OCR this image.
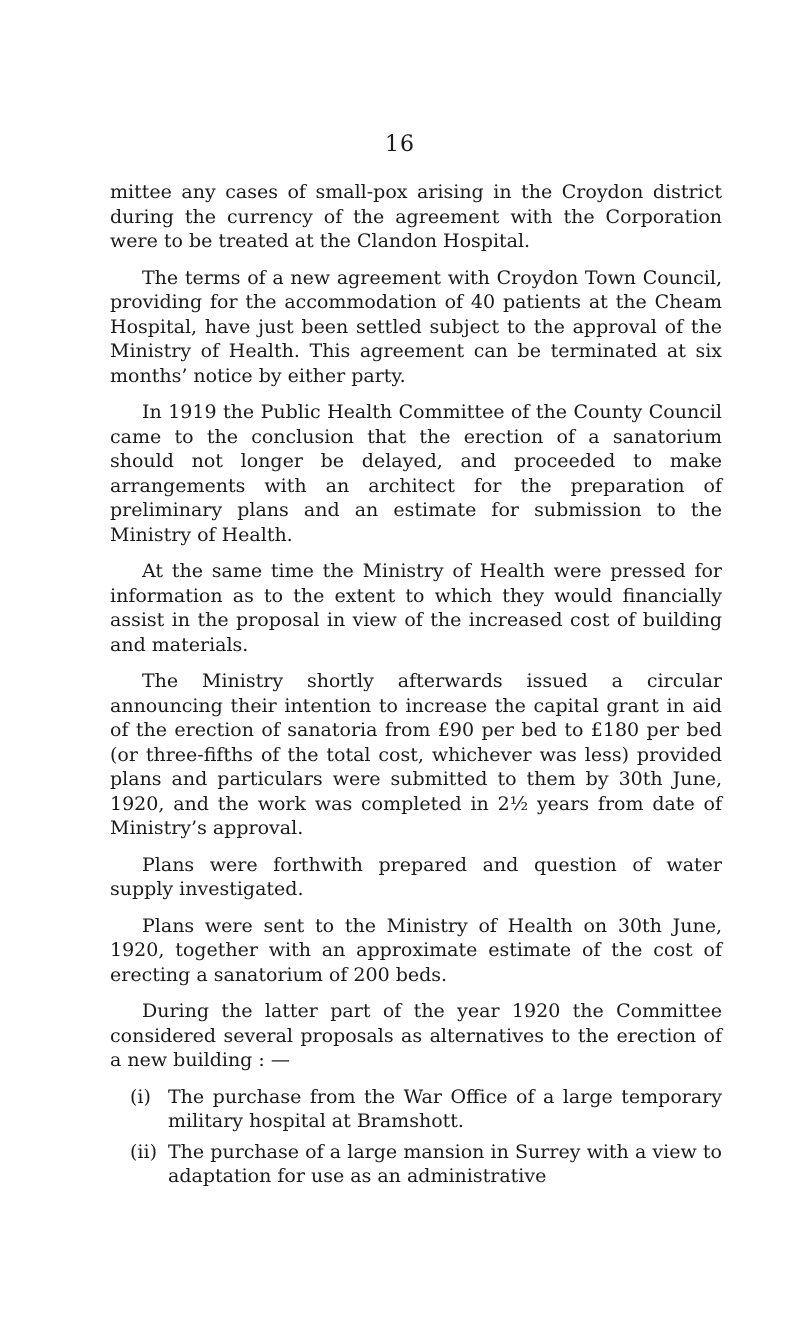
16

mittee any cases of small-pox arising in the Croydon district during the currency of the agreement with the Corporation were to be treated at the Clandon Hospital.

The terms of a new agreement with Croydon Town Council, providing for the accommodation of 40 patients at the Cheam Hospital, have just been settled subject to the approval of the Ministry of Health. This agreement can be terminated at six months’ notice by either party.

In 1919 the Public Health Committee of the County Council came to the conclusion that the erection of a sanatorium should not longer be delayed, and proceeded to make arrangements with an architect for the preparation of preliminary plans and an estimate for submission to the Ministry of Health.

At the same time the Ministry of Health were pressed for information as to the extent to which they would financially assist in the proposal in view of the increased cost of building and materials.

The Ministry shortly afterwards issued a circular announcing their intention to increase the capital grant in aid of the erection of sanatoria from £90 per bed to £180 per bed (or three-fifths of the total cost, whichever was less) provided plans and particulars were submitted to them by 30th June, 1920, and the work was completed in 2½ years from date of Ministry’s approval.

Plans were forthwith prepared and question of water supply investigated.

Plans were sent to the Ministry of Health on 30th June, 1920, together with an approximate estimate of the cost of erecting a sanatorium of 200 beds.

During the latter part of the year 1920 the Committee considered several proposals as alternatives to the erection of a new building : —

(i) The purchase from the War Office of a large temporary military hospital at Bramshott.
(ii) The purchase of a large mansion in Surrey with a view to adaptation for use as an administrative
